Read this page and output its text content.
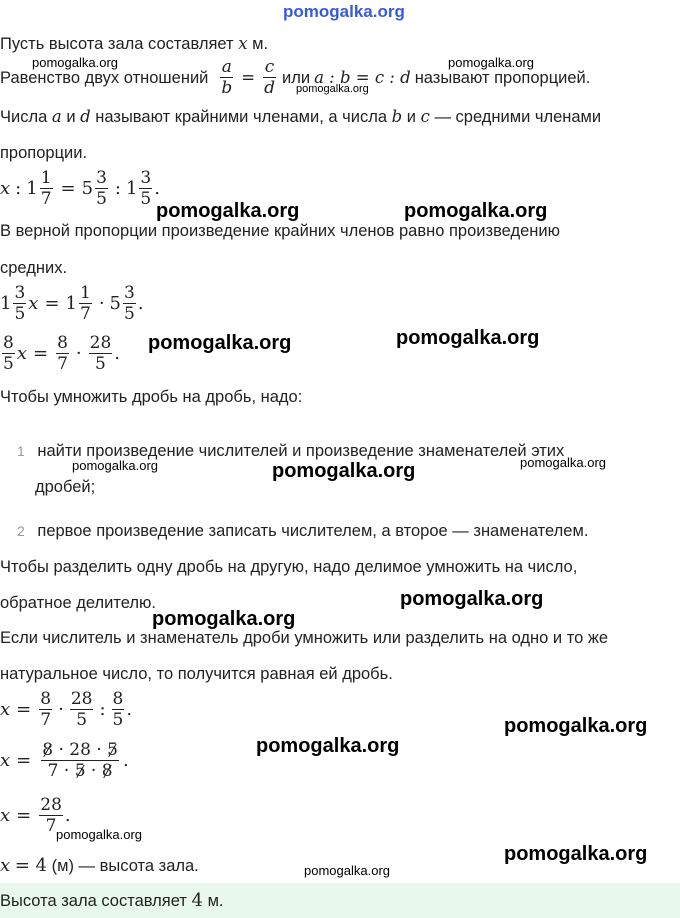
pomogalka.org
Пусть высота зала составляет x м.
Равенство двух отношений $\frac{a}{b} = \frac{c}{d}$ или a : b = c : d называют пропорцией.
Числа a и d называют крайними членами, а числа b и c — средними членами
пропорции.
x : $1 \frac{1}{7} = 5 \frac{3}{5}$ : $1 \frac{3}{5}$ .
В верной пропорции произведение крайних членов равно произведению
средних.
$1 \frac{3}{5}$ $x = 1 \frac{1}{7} \cdot 5 \frac{3}{5}$ .
$\frac{8}{5}$ $x = \frac{8}{7} \cdot \frac{28}{5}$ .
Чтобы умножить дробь на дробь, надо:
1 найти произведение числителей и произведение знаменателей этих
дробей;
2 первое произведение записать числителем, а второе — знаменателем.
Чтобы разделить одну дробь на другую, надо делимое умножить на число,
обратное делителю.
Если числитель и знаменатель дроби умножить или разделить на одно и то же
натуральное число, то получится равная ей дробь.
$x = \frac{8}{7} \cdot \frac{28}{5}$ : $\frac{8}{5}$ .
$x = \frac{8 \cdot 28 \cdot 5}{7 \cdot 5 \cdot 8}$ .
$x = \frac{28}{7}$ .
x = 4 (м) — высота зала.
Высота зала составляет 4 м.
pomogalka.org	pomogalka.org
pomogalka.org
pomogalka.org	pomogalka.org
pomogalka.org	pomogalka.org
pomogalka.org	pomogalka.org	pomogalka.org
pomogalka.org
pomogalka.org
pomogalka.org
pomogalka.org
pomogalka.org
pomogalka.org
pomogalka.org
